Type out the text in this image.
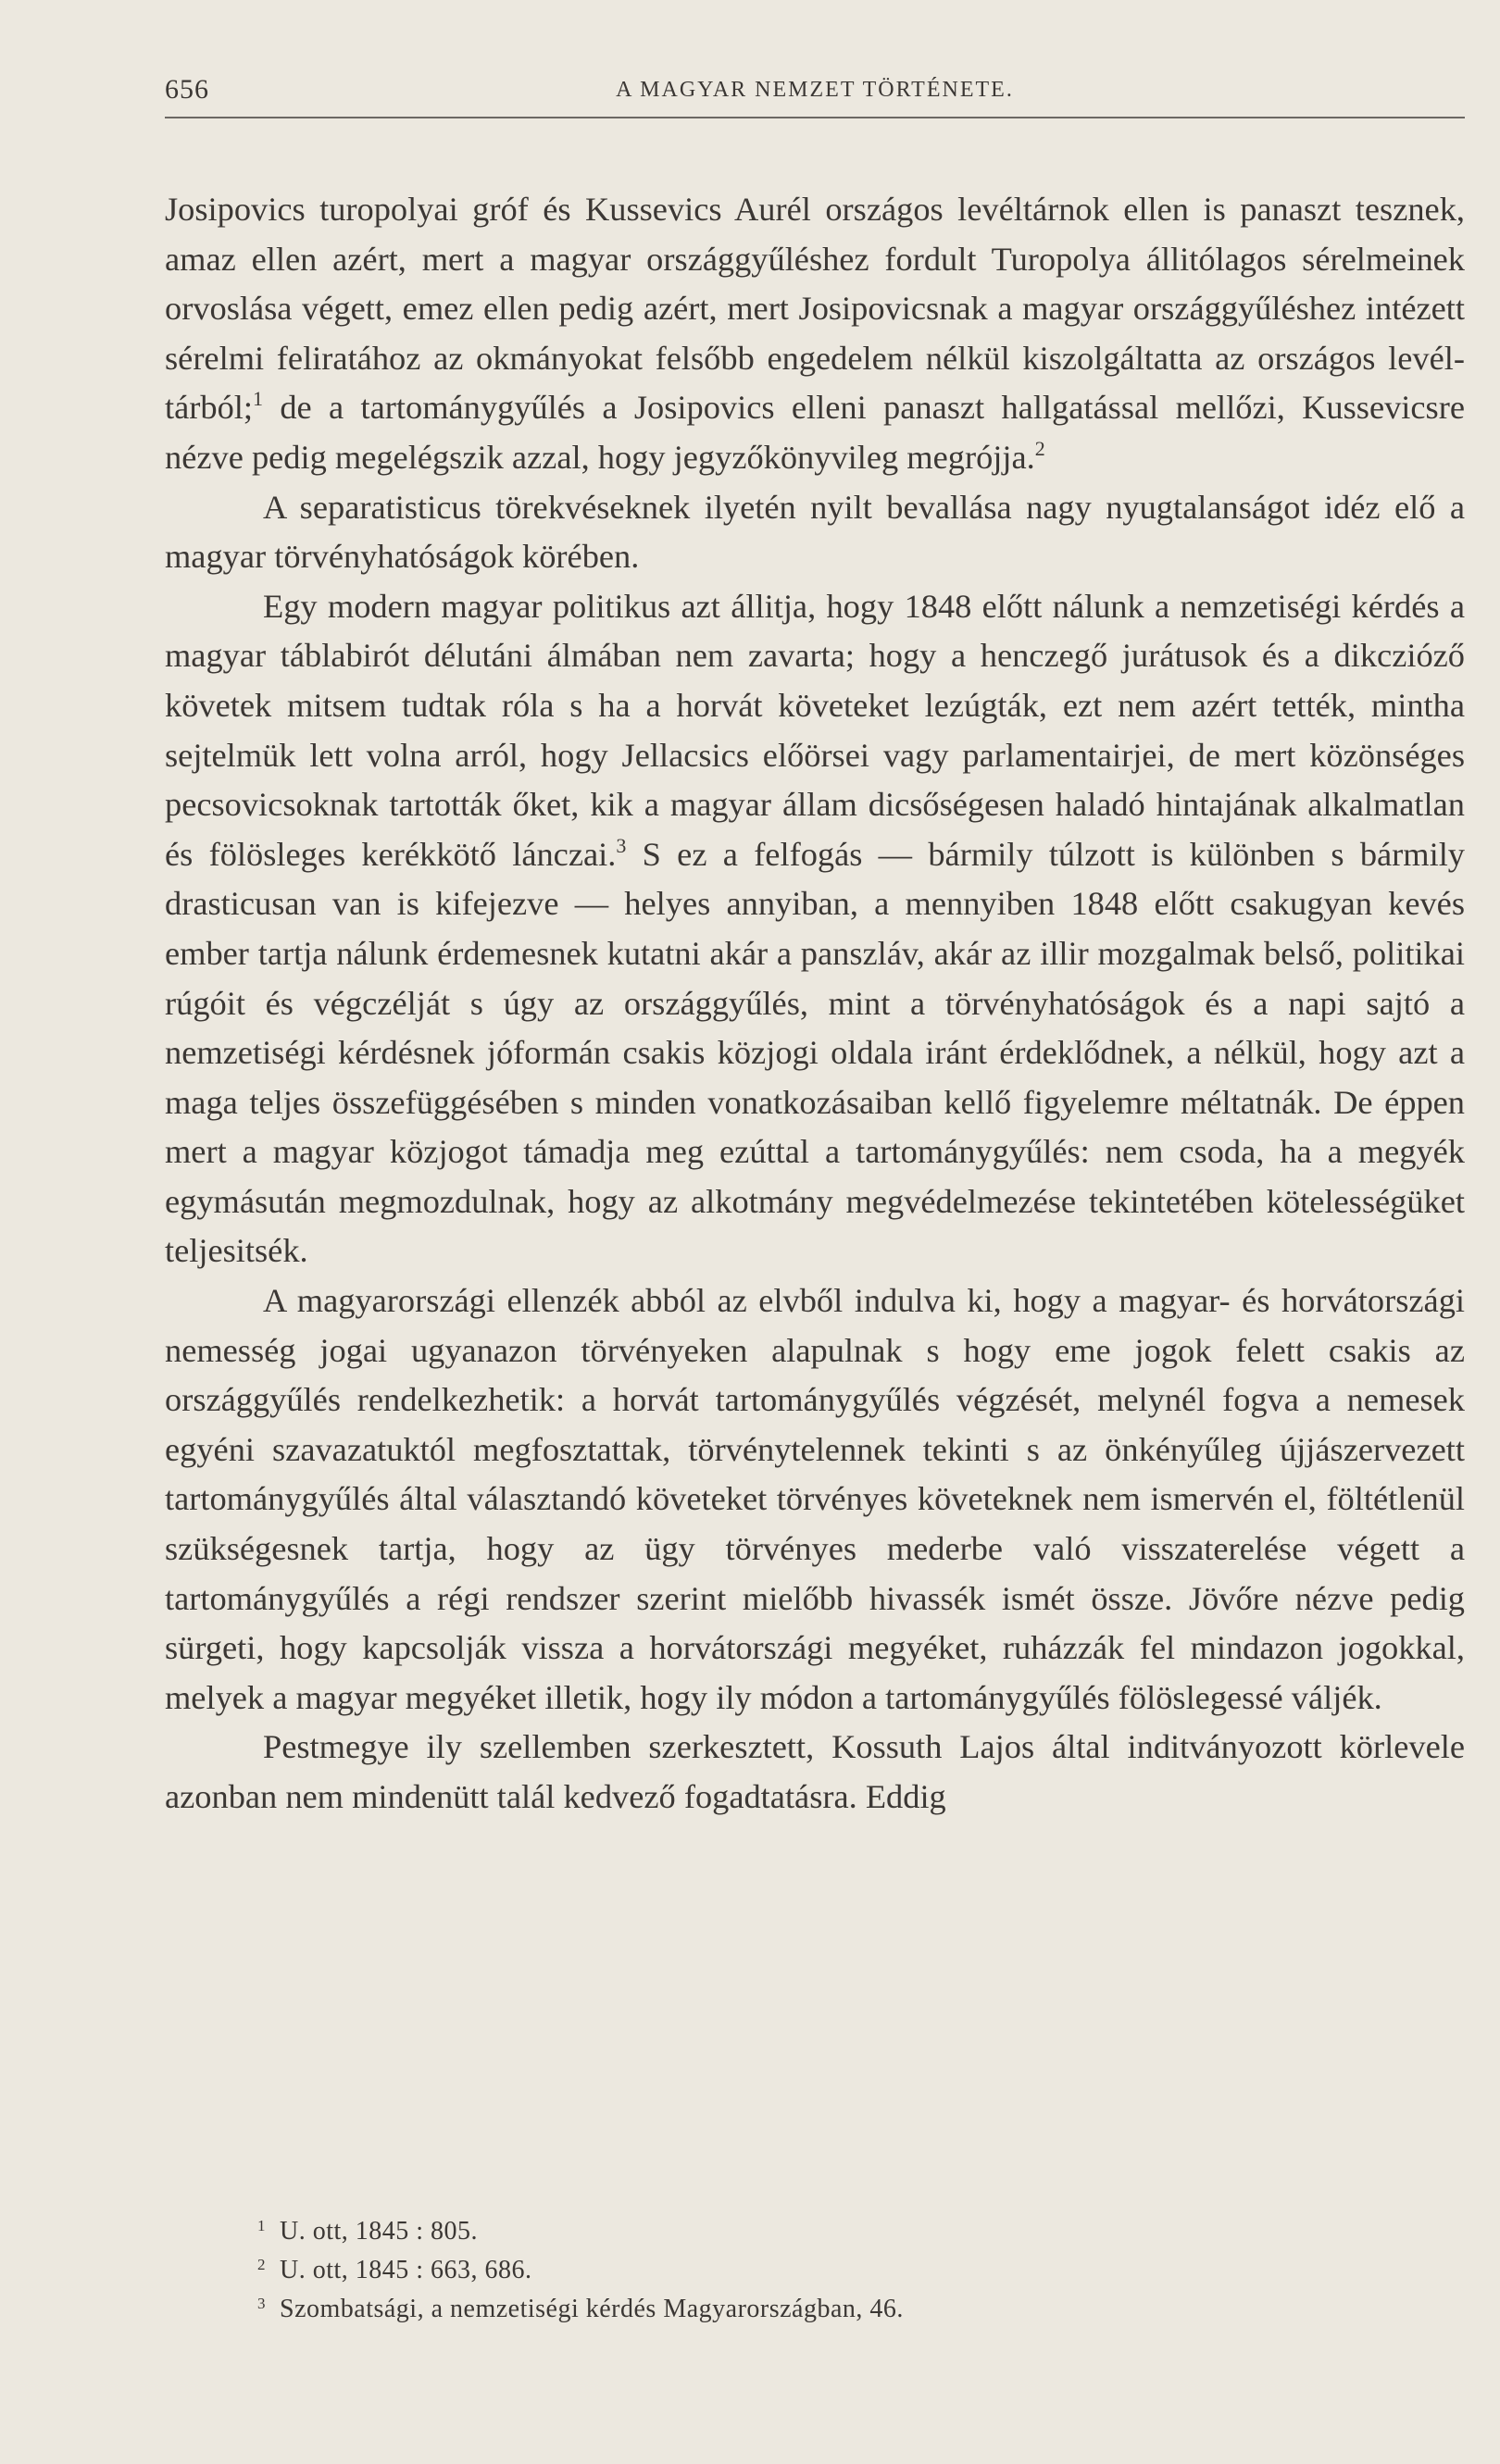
656	A MAGYAR NEMZET TÖRTÉNETE.

Josipovics turopolyai gróf és Kussevics Aurél országos levéltárnok ellen is panaszt tesznek, amaz ellen azért, mert a magyar országgyűléshez fordult Turopolya állitólagos sérelmeinek orvoslása végett, emez ellen pedig azért, mert Josipovicsnak a magyar országgyűléshez intézett sérelmi feliratához az okmányokat felsőbb engedelem nélkül kiszolgáltatta az országos levéltárból;$^1$ de a tartománygyűlés a Josipovics elleni panaszt hallgatással mellőzi, Kussevicsre nézve pedig megelégszik azzal, hogy jegyzőkönyvileg megrójja.$^2$

A separatisticus törekvéseknek ilyetén nyilt bevallása nagy nyugtalanságot idéz elő a magyar törvényhatóságok körében.

Egy modern magyar politikus azt állitja, hogy 1848 előtt nálunk a nemzetiségi kérdés a magyar táblabirót délutáni álmában nem zavarta; hogy a henczegő jurátusok és a dikczióző követek mitsem tudtak róla s ha a horvát követeket lezúgták, ezt nem azért tették, mintha sejtelmük lett volna arról, hogy Jellacsics előörsei vagy parlamentairjei, de mert közönséges pecsovicsoknak tartották őket, kik a magyar állam dicsőségesen haladó hintajának alkalmatlan és fölösleges kerékkötő lánczai.$^3$ S ez a felfogás — bármily túlzott is különben s bármily drasticusan van is kifejezve — helyes annyiban, a mennyiben 1848 előtt csakugyan kevés ember tartja nálunk érdemesnek kutatni akár a panszláv, akár az illir mozgalmak belső, politikai rúgóit és végczélját s úgy az országgyűlés, mint a törvényhatóságok és a napi sajtó a nemzetiségi kérdésnek jóformán csakis közjogi oldala iránt érdeklődnek, a nélkül, hogy azt a maga teljes összefüggésében s minden vonatkozásaiban kellő figyelemre méltatnák. De éppen mert a magyar közjogot támadja meg ezúttal a tartománygyűlés: nem csoda, ha a megyék egymásután megmozdulnak, hogy az alkotmány megvédelmezése tekintetében kötelességüket teljesitsék.

A magyarországi ellenzék abból az elvből indulva ki, hogy a magyar- és horvátországi nemesség jogai ugyanazon törvényeken alapulnak s hogy eme jogok felett csakis az országgyűlés rendelkezhetik: a horvát tartománygyűlés végzését, melynél fogva a nemesek egyéni szavazatuktól megfosztattak, törvénytelennek tekinti s az önkényűleg újjászervezett tartománygyűlés által választandó követeket törvényes követeknek nem ismervén el, föltétlenül szükségesnek tartja, hogy az ügy törvényes mederbe való visszaterelése végett a tartománygyűlés a régi rendszer szerint mielőbb hivassék ismét össze. Jövőre nézve pedig sürgeti, hogy kapcsolják vissza a horvátországi megyéket, ruházzák fel mindazon jogokkal, melyek a magyar megyéket illetik, hogy ily módon a tartománygyűlés fölöslegessé váljék.

Pestmegye ily szellemben szerkesztett, Kossuth Lajos által inditványozott körlevele azonban nem mindenütt talál kedvező fogadtatásra. Eddig

1 U. ott, 1845 : 805.
2 U. ott, 1845 : 663, 686.
3 Szombatsági, a nemzetiségi kérdés Magyarországban, 46.
